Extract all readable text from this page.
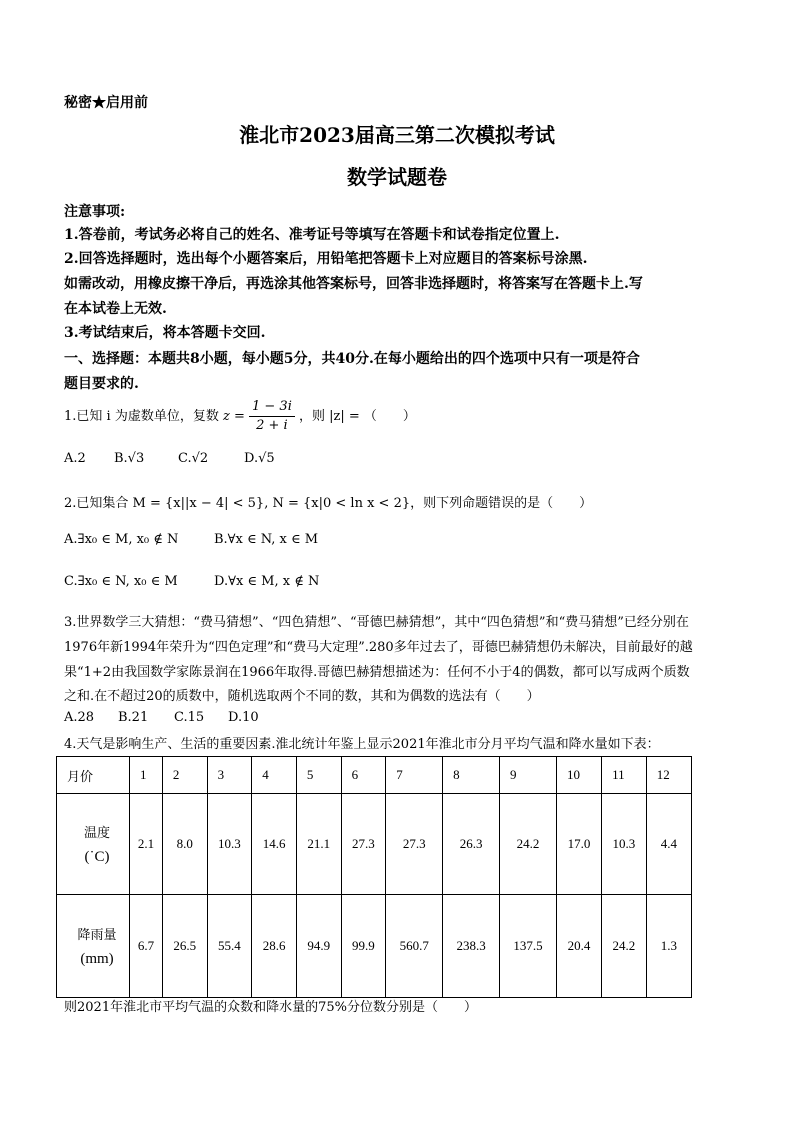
秘密★启用前
淮北市2023届高三第二次模拟考试
数学试题卷
注意事项:
1.答卷前，考试务必将自己的姓名、准考证号等填写在答题卡和试卷指定位置上.
2.回答选择题时，选出每个小题答案后，用铅笔把答题卡上对应题目的答案标号涂黑.
如需改动，用橡皮擦干净后，再选涂其他答案标号，回答非选择题时，将答案写在答题卡上.写
在本试卷上无效.
3.考试结束后，将本答题卡交回.
一、选择题：本题共8小题，每小题5分，共40分.在每小题给出的四个选项中只有一项是符合
题目要求的.
1.已知 i 为虚数单位，复数 $z = \frac{1 - 3i}{2 + i}$ ，则 |z| = （　　）
A.2 B.√3	C.√2	D.√5
2.已知集合 M = {x||x − 4| < 5}, N = {x|0 < ln x < 2}，则下列命题错误的是（　　）
A.∃x₀ ∈ M, x₀ ∉ N	B.∀x ∈ N, x ∈ M
C.∃x₀ ∈ N, x₀ ∈ M	D.∀x ∈ M, x ∉ N
3.世界数学三大猜想：“费马猜想”、“四色猜想”、“哥德巴赫猜想”，其中“四色猜想”和“费马猜想”已经分别在
1976年新1994年荣升为“四色定理”和“费马大定理”.280多年过去了，哥德巴赫猜想仍未解决，目前最好的越
果“1+2由我国数学家陈景润在1966年取得.哥德巴赫猜想描述为：任何不小于4的偶数，都可以写成两个质数
之和.在不超过20的质数中，随机选取两个不同的数，其和为偶数的选法有（　　）
A.28 B.21 C.15 D.10
4.天气是影响生产、生活的重要因素.淮北统计年鉴上显示2021年淮北市分月平均气温和降水量如下表：
月价	1	2	3	4	5	6	7	8	9	10	11	12
温度
(˙C)	2.1	8.0	10.3	14.6	21.1	27.3	27.3	26.3	24.2	17.0	10.3	4.4
降雨量
(mm)	6.7	26.5	55.4	28.6	94.9	99.9	560.7	238.3	137.5	20.4	24.2	1.3
则2021年淮北市平均气温的众数和降水量的75%分位数分别是（　　）
